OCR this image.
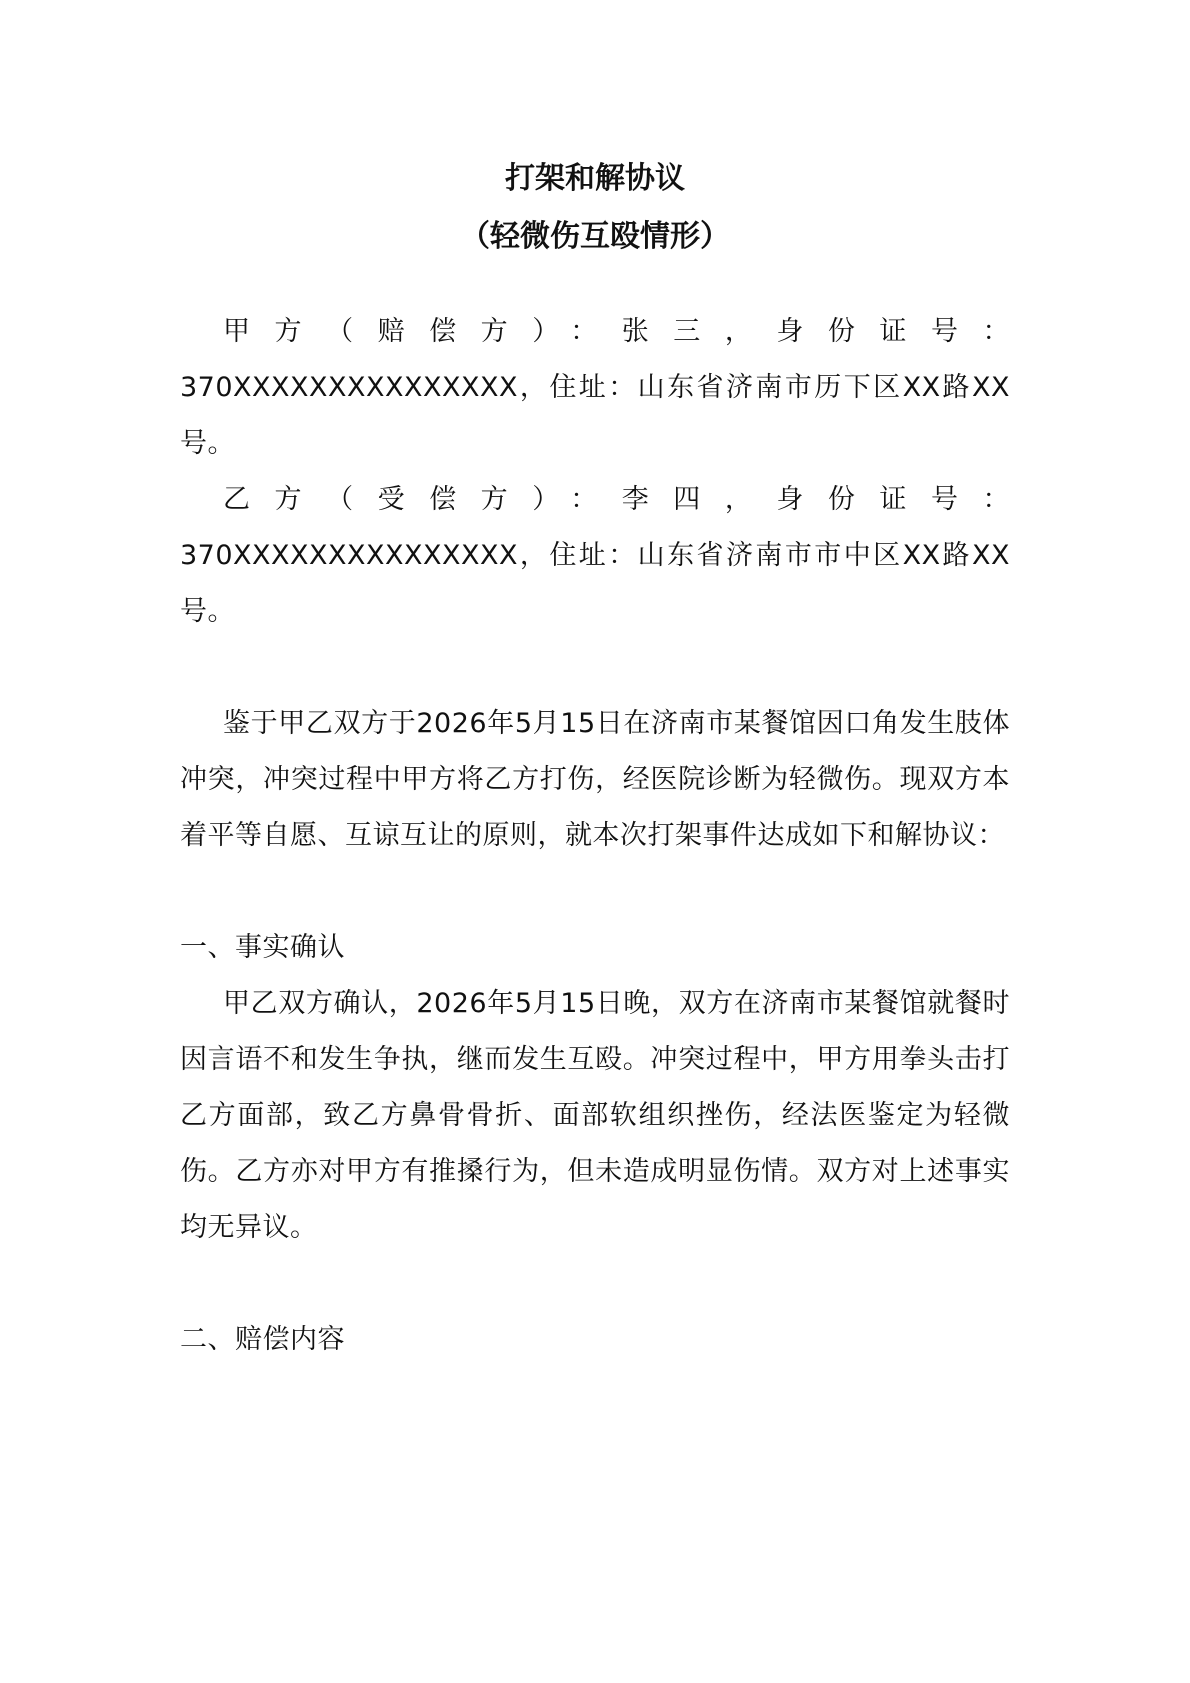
打架和解协议
（轻微伤互殴情形）

甲方（赔偿方）：张三，身份证号：370XXXXXXXXXXXXXXX，住址：山东省济南市历下区XX路XX号。

乙方（受偿方）：李四，身份证号：370XXXXXXXXXXXXXXX，住址：山东省济南市市中区XX路XX号。

鉴于甲乙双方于2026年5月15日在济南市某餐馆因口角发生肢体冲突，冲突过程中甲方将乙方打伤，经医院诊断为轻微伤。现双方本着平等自愿、互谅互让的原则，就本次打架事件达成如下和解协议：

一、事实确认

甲乙双方确认，2026年5月15日晚，双方在济南市某餐馆就餐时因言语不和发生争执，继而发生互殴。冲突过程中，甲方用拳头击打乙方面部，致乙方鼻骨骨折、面部软组织挫伤，经法医鉴定为轻微伤。乙方亦对甲方有推搡行为，但未造成明显伤情。双方对上述事实均无异议。

二、赔偿内容
